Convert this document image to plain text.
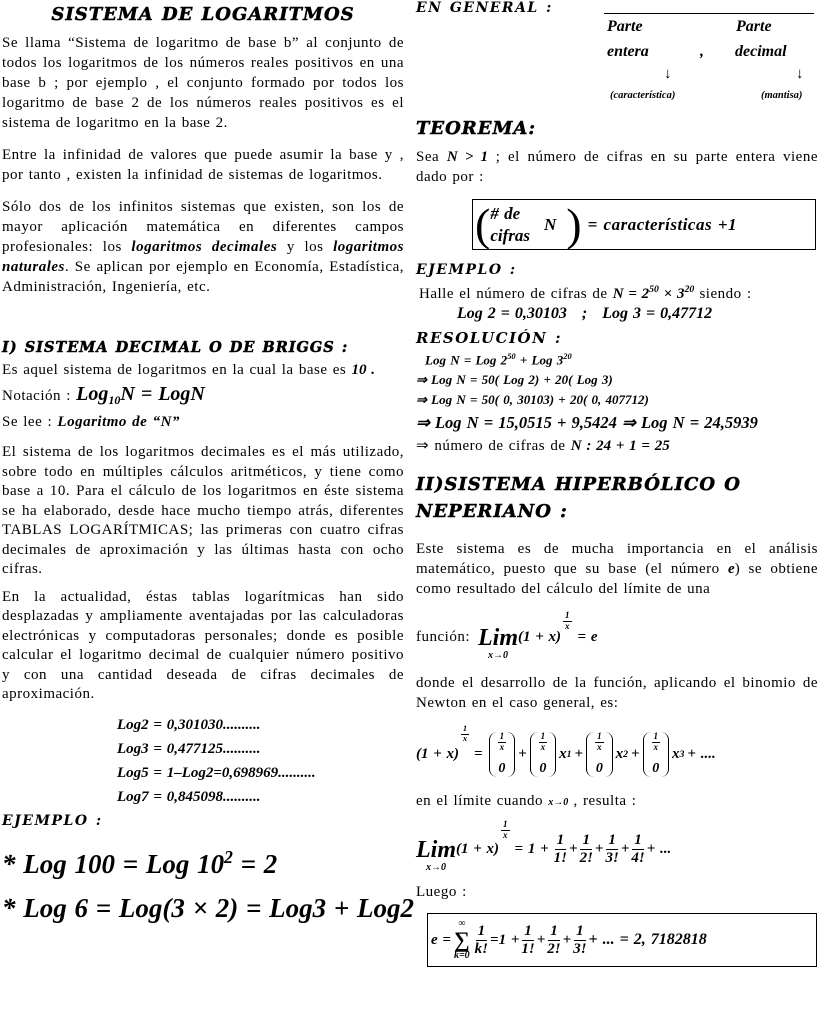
SISTEMA DE LOGARITMOS
Se llama “Sistema de logaritmo de base b” al conjunto de todos los logaritmos de los números reales positivos en una base b ; por ejemplo , el conjunto formado por todos los logaritmo de base 2 de los números reales positivos es el sistema de logaritmo en la base 2.
Entre la infinidad de valores que puede asumir la base y , por tanto , existen la infinidad de sistemas de logaritmos.
Sólo dos de los infinitos sistemas que existen, son los de mayor aplicación matemática en diferentes campos profesionales: los logaritmos decimales y los logaritmos naturales. Se aplican por ejemplo en Economía, Estadística, Administración, Ingeniería, etc.
I) SISTEMA DECIMAL O DE BRIGGS :
Es aquel sistema de logaritmos en la cual la base es 10 .
Notación : Log$_{10}$N = LogN
Se lee : Logaritmo de “N”
El sistema de los logaritmos decimales es el más utilizado, sobre todo en múltiples cálculos aritméticos, y tiene como base a 10. Para el cálculo de los logaritmos en éste sistema se ha elaborado, desde hace mucho tiempo atrás, diferentes TABLAS LOGARÍTMICAS; las primeras con cuatro cifras decimales de aproximación y las últimas hasta con ocho cifras.
En la actualidad, éstas tablas logarítmicas han sido desplazadas y ampliamente aventajadas por las calculadoras electrónicas y computadoras personales; donde es posible calcular el logaritmo decimal de cualquier número positivo y con una cantidad deseada de cifras decimales de aproximación.
Log2 = 0,301030..........
Log3 = 0,477125..........
Log5 = 1–Log2=0,698969..........
Log7 = 0,845098..........
EJEMPLO :
* Log 100 = Log $10^2 = 2$
* Log 6 = Log(3 × 2) = Log3 + Log2
EN GENERAL :
Parte	Parte
entera	, decimal
↓	↓
(característica)	(mantisa)
TEOREMA:
Sea N > 1 ; el número de cifras en su parte entera viene dado por :
( # de
cifras
N ) = características +1
EJEMPLO :
Halle el número de cifras de $N = 2^{50} \times 3^{20}$ siendo :
Log 2 = 0,30103   ;   Log 3 = 0,47712
RESOLUCIÓN :
Log N = Log $2^{50}$ + Log $3^{20}$
⇒ Log N = 50( Log 2) + 20( Log 3)
⇒ Log N = 50( 0, 30103) + 20( 0, 407712)
⇒ Log N = 15,0515 + 9,5424 ⇒ Log N = 24,5939
⇒ número de cifras de N : 24 + 1 = 25
II)SISTEMA HIPERBÓLICO O NEPERIANO :
Este sistema es de mucha importancia en el análisis matemático, puesto que su base (el número e) se obtiene como resultado del cálculo del límite de una
función: Lim
x→0
(1 + x)
$\frac{1}{x}$
= e
donde el desarrollo de la función, aplicando el binomio de Newton en el caso general, es:
(1 + x)
$\frac{1}{x}$
=
$\frac{1}{x}$
0
+
$\frac{1}{x}$
0
x 1 +
$\frac{1}{x}$
0
x 2 +
$\frac{1}{x}$
0
x 3 + ....
en el límite cuando x→0 , resulta :
Lim
x→0
(1 + x)
$\frac{1}{x}$
= $1 + \frac{1}{1!} + \frac{1}{2!} + \frac{1}{3!} + \frac{1}{4!}$ + ...
Luego :
e =
∞
∑
$k=0 \frac{1}{k!} =1 + \frac{1}{1!} + \frac{1}{2!} + \frac{1}{3!}$ + ... = 2, 7182818
